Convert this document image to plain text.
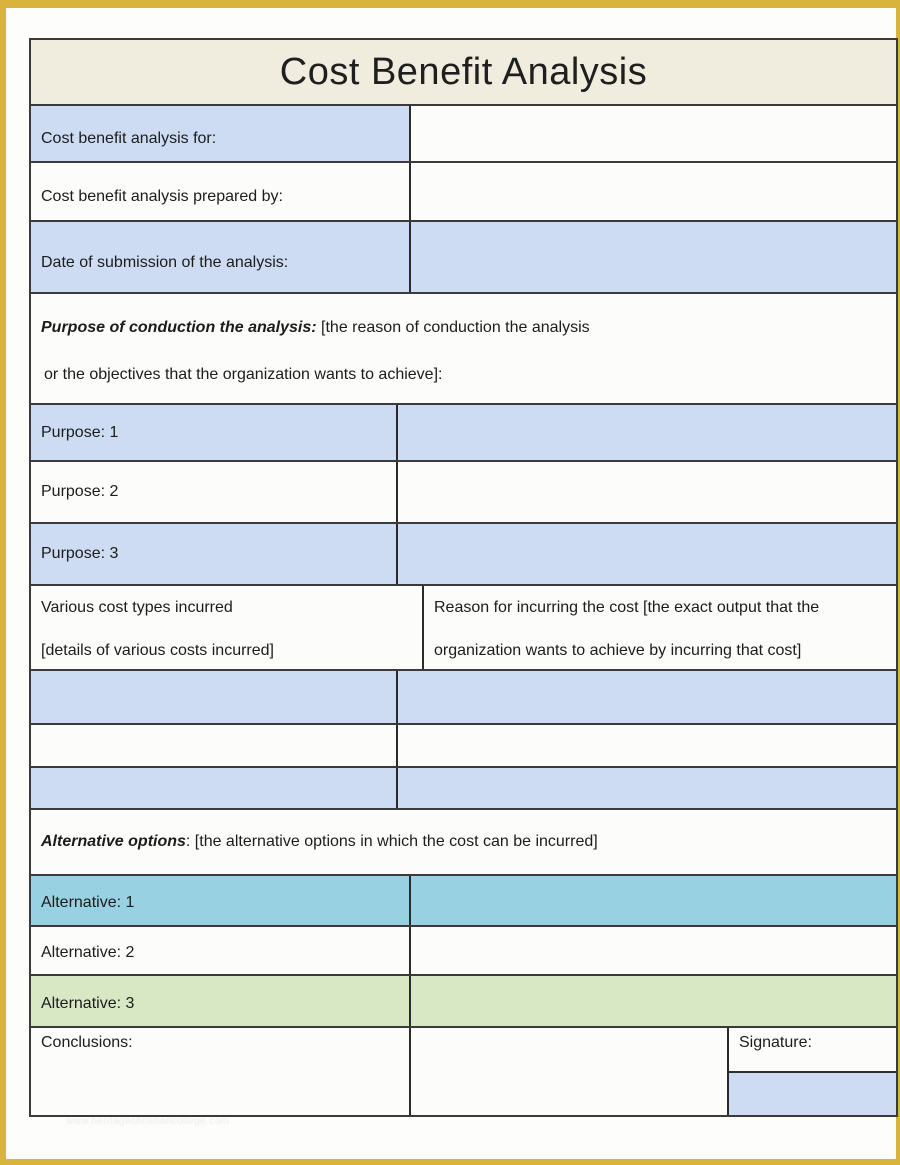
Cost Benefit Analysis
Cost benefit analysis for:
Cost benefit analysis prepared by:
Date of submission of the analysis:
Purpose of conduction the analysis: [the reason of conduction the analysis
or the objectives that the organization wants to achieve]:
Purpose: 1
Purpose: 2
Purpose: 3
Various cost types incurred
[details of various costs incurred]
Reason for incurring the cost [the exact output that the
organization wants to achieve by incurring that cost]
Alternative options : [the alternative options in which the cost can be incurred]
Alternative: 1
Alternative: 2
Alternative: 3
Conclusions:	Signature:
www.heritagechristiancollege.com
